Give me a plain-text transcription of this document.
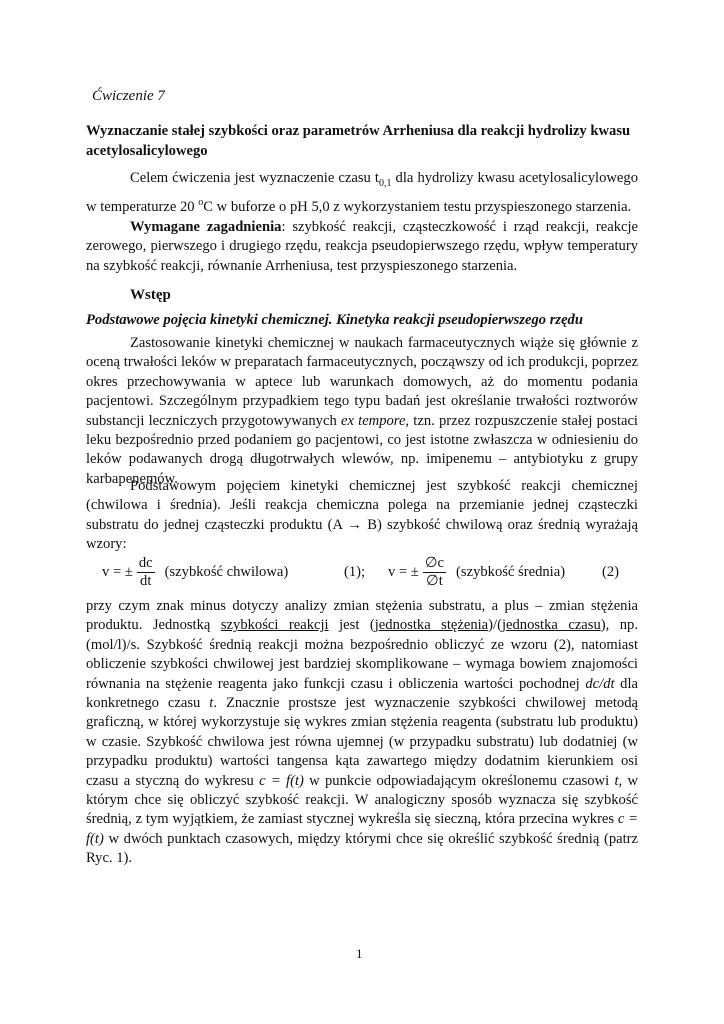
Ćwiczenie 7
Wyznaczanie stałej szybkości oraz parametrów Arrheniusa dla reakcji hydrolizy kwasu acetylosalicylowego
Celem ćwiczenia jest wyznaczenie czasu $t_{0,1}$ dla hydrolizy kwasu acetylosalicylowego w temperaturze 20 $^o$C w buforze o pH 5,0 z wykorzystaniem testu przyspieszonego starzenia.
Wymagane zagadnienia: szybkość reakcji, cząsteczkowość i rząd reakcji, reakcje zerowego, pierwszego i drugiego rzędu, reakcja pseudopierwszego rzędu, wpływ temperatury na szybkość reakcji, równanie Arrheniusa, test przyspieszonego starzenia.
Wstęp
Podstawowe pojęcia kinetyki chemicznej. Kinetyka reakcji pseudopierwszego rzędu
Zastosowanie kinetyki chemicznej w naukach farmaceutycznych wiąże się głównie z oceną trwałości leków w preparatach farmaceutycznych, począwszy od ich produkcji, poprzez okres przechowywania w aptece lub warunkach domowych, aż do momentu podania pacjentowi. Szczególnym przypadkiem tego typu badań jest określanie trwałości roztworów substancji leczniczych przygotowywanych ex tempore, tzn. przez rozpuszczenie stałej postaci leku bezpośrednio przed podaniem go pacjentowi, co jest istotne zwłaszcza w odniesieniu do leków podawanych drogą długotrwałych wlewów, np. imipenemu – antybiotyku z grupy karbapenemów.
Podstawowym pojęciem kinetyki chemicznej jest szybkość reakcji chemicznej (chwilowa i średnia). Jeśli reakcja chemiczna polega na przemianie jednej cząsteczki substratu do jednej cząsteczki produktu (A → B) szybkość chwilową oraz średnią wyrażają wzory:
v = ± $\frac{dc}{dt}$ (szybkość chwilowa)	(1); v = ± $\frac{\emptyset c}{\emptyset t}$ (szybkość średnia)	(2)
przy czym znak minus dotyczy analizy zmian stężenia substratu, a plus – zmian stężenia produktu. Jednostką szybkości reakcji jest (jednostka stężenia)/(jednostka czasu), np. (mol/l)/s. Szybkość średnią reakcji można bezpośrednio obliczyć ze wzoru (2), natomiast obliczenie szybkości chwilowej jest bardziej skomplikowane – wymaga bowiem znajomości równania na stężenie reagenta jako funkcji czasu i obliczenia wartości pochodnej dc/dt dla konkretnego czasu t. Znacznie prostsze jest wyznaczenie szybkości chwilowej metodą graficzną, w której wykorzystuje się wykres zmian stężenia reagenta (substratu lub produktu) w czasie. Szybkość chwilowa jest równa ujemnej (w przypadku substratu) lub dodatniej (w przypadku produktu) wartości tangensa kąta zawartego między dodatnim kierunkiem osi czasu a styczną do wykresu c = f(t) w punkcie odpowiadającym określonemu czasowi t, w którym chce się obliczyć szybkość reakcji. W analogiczny sposób wyznacza się szybkość średnią, z tym wyjątkiem, że zamiast stycznej wykreśla się sieczną, która przecina wykres c = f(t) w dwóch punktach czasowych, między którymi chce się określić szybkość średnią (patrz Ryc. 1).
1
